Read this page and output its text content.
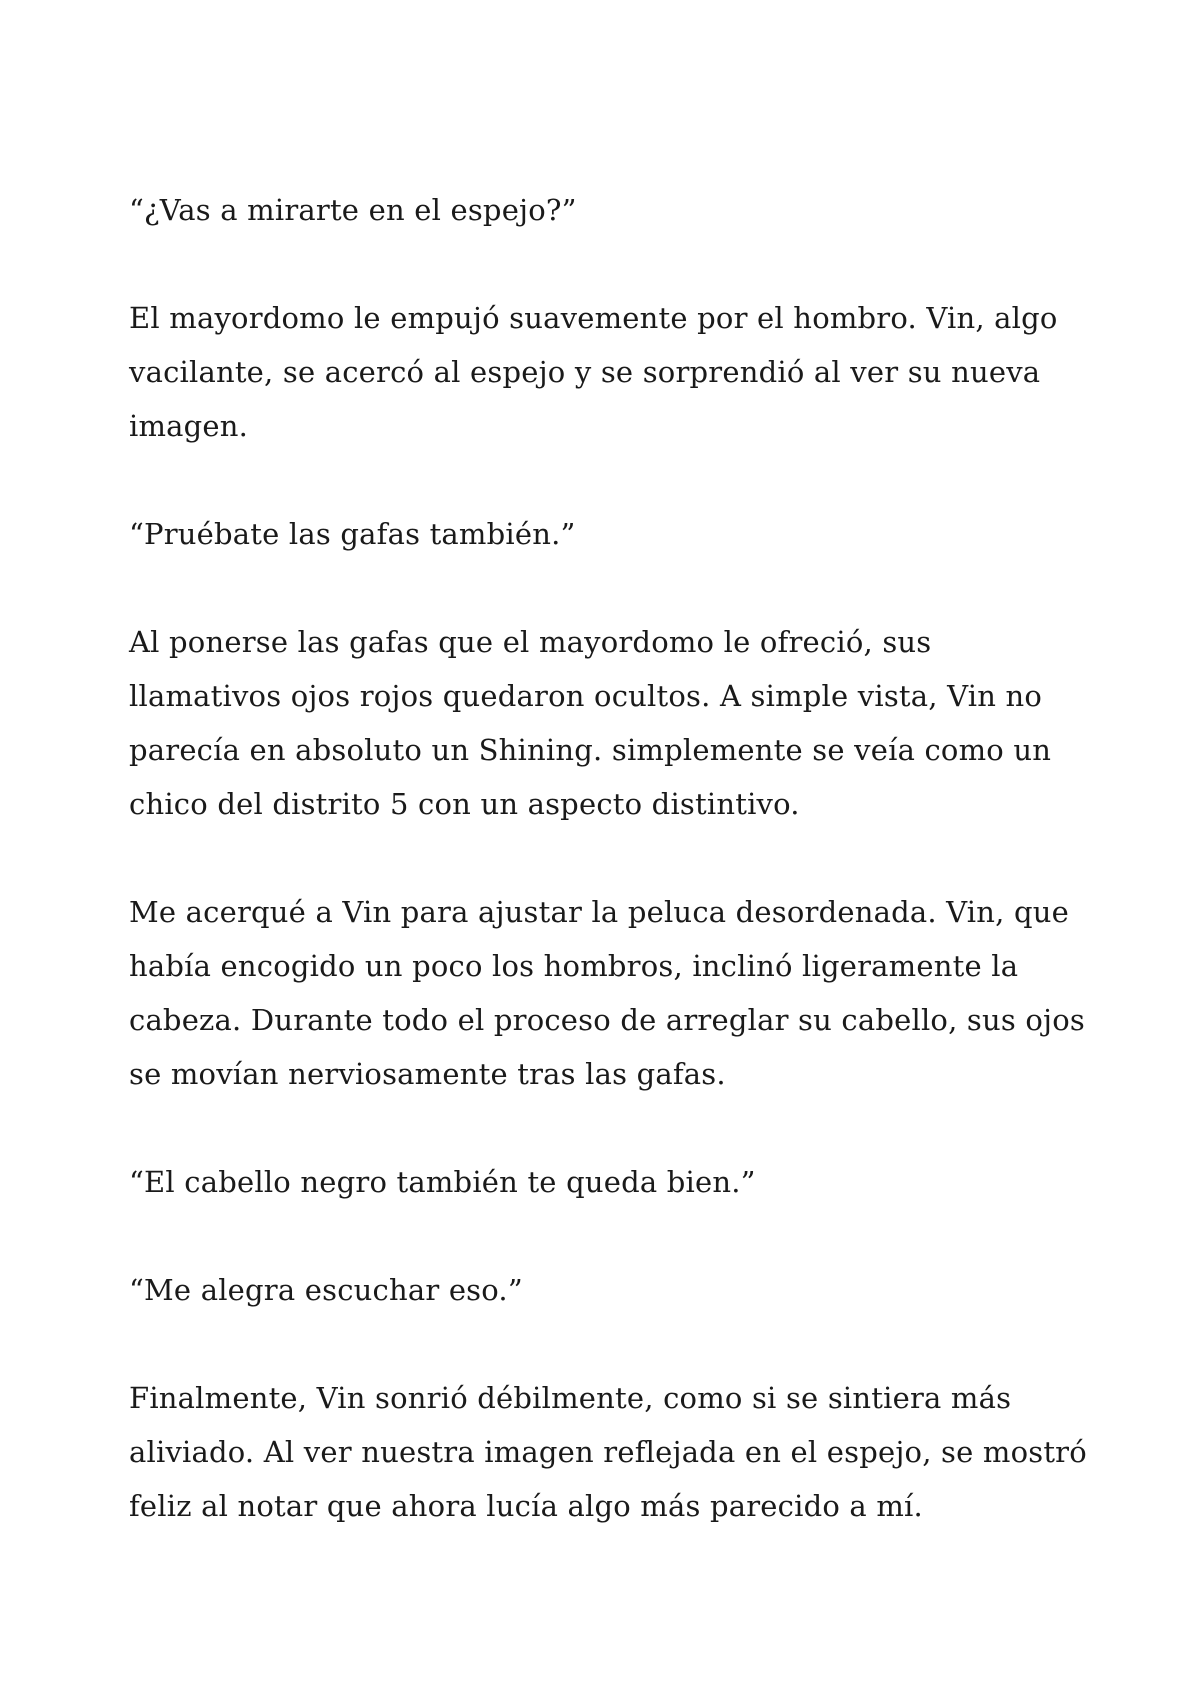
“¿Vas a mirarte en el espejo?”

El mayordomo le empujó suavemente por el hombro. Vin, algo vacilante, se acercó al espejo y se sorprendió al ver su nueva imagen.

“Pruébate las gafas también.”

Al ponerse las gafas que el mayordomo le ofreció, sus llamativos ojos rojos quedaron ocultos. A simple vista, Vin no parecía en absoluto un Shining. simplemente se veía como un chico del distrito 5 con un aspecto distintivo.

Me acerqué a Vin para ajustar la peluca desordenada. Vin, que había encogido un poco los hombros, inclinó ligeramente la cabeza. Durante todo el proceso de arreglar su cabello, sus ojos se movían nerviosamente tras las gafas.

“El cabello negro también te queda bien.”

“Me alegra escuchar eso.”

Finalmente, Vin sonrió débilmente, como si se sintiera más aliviado. Al ver nuestra imagen reflejada en el espejo, se mostró feliz al notar que ahora lucía algo más parecido a mí.
